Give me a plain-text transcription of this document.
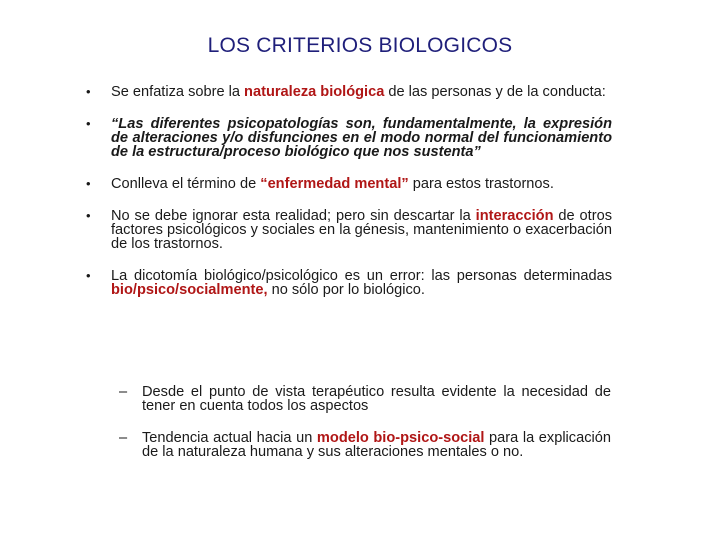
LOS CRITERIOS BIOLOGICOS
• Se enfatiza sobre la naturaleza biológica de las personas y de la conducta:
• “Las diferentes psicopatologías son, fundamentalmente, la expresión de alteraciones y/o disfunciones en el modo normal del funcionamiento de la estructura/proceso biológico que nos sustenta”
• Conlleva el término de “enfermedad mental” para estos trastornos.
• No se debe ignorar esta realidad; pero sin descartar la interacción de otros factores psicológicos y sociales en la génesis, mantenimiento o exacerbación de los trastornos.
• La dicotomía biológico/psicológico es un error: las personas determinadas bio/psico/socialmente, no sólo por lo biológico.
– Desde el punto de vista terapéutico resulta evidente la necesidad de tener en cuenta todos los aspectos
– Tendencia actual hacia un modelo bio-psico-social para la explicación de la naturaleza humana y sus alteraciones mentales o no.
